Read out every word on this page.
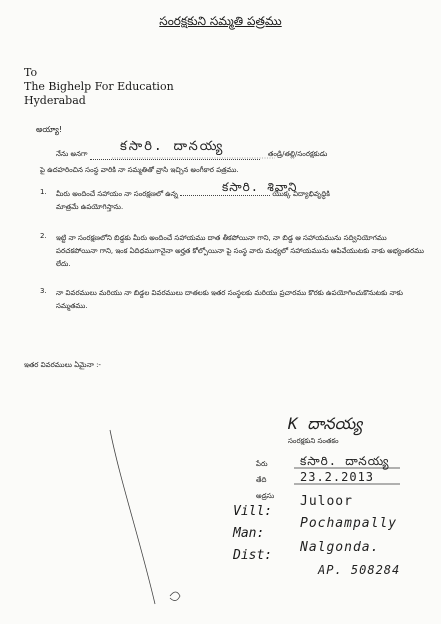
సంరక్షకుని సమ్మతి పత్రము
To
The Bighelp For Education
Hyderabad
అయ్యా!
నేను అనగా	తండ్రి/తల్లి/సంరక్షకుడు
కసారి. దానయ్య
పై ఉదహరించిన సంస్థ వారికి నా సమ్మతితో వ్రాసి ఇచ్చిన అంగీకార పత్రము.
1. మీరు అందించే సహాయం నా సంరక్షణలో ఉన్న	యొక్క విద్యాభివృద్ధికి
మాత్రమే ఉపయోగిస్తాను.
కసారి. శివాని
2. ఇట్టి నా సంరక్షణలోని బిడ్డకు మీరు అందించే సహాయము దాత తీకపోయినా గాని, నా బిడ్డ ఆ సహాయమును సద్వినియోగము పరచకపోయినా గాని, ఇంక ఏదిధముగానైనా అర్హత కోల్పోయినా పై సంస్థ వారు మధ్యలో సహాయమును ఆపివేయుటకు నాకు అభ్యంతరము లేదు.
3. నా వివరములు మరియు నా బిడ్డల వివరములు దాతలకు ఇతర సంస్థలకు మరియు ప్రచారము కొరకు ఉపయోగించుకొనుటకు నాకు సమ్మతము.
ఇతర వివరములు ఏమైనా :-
K దానయ్య
సంరక్షకుని సంతకం
పేరు	కసారి. దానయ్య
తేది	23.2.2013
అడ్రసు
Vill:
Juloor
Man:
Pochampally
Dist:
Nalgonda.
AP. 508284
